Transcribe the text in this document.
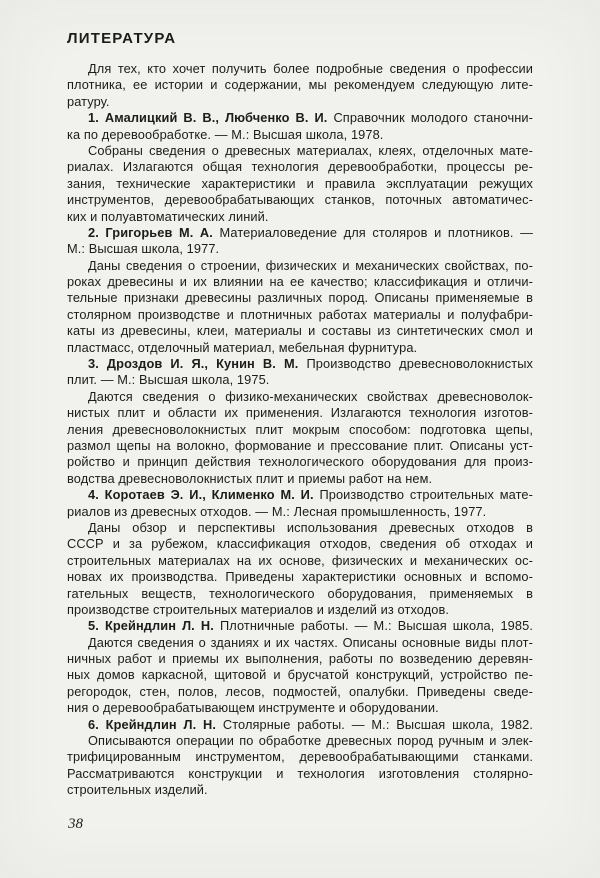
ЛИТЕРАТУРА
Для тех, кто хочет получить более подробные сведения о профессии
плотника, ее истории и содержании, мы рекомендуем следующую лите-
ратуру.
1. Амалицкий В. В., Любченко В. И. Справочник молодого станочни-
ка по деревообработке. — М.: Высшая школа, 1978.
Собраны сведения о древесных материалах, клеях, отделочных мате-
риалах. Излагаются общая технология деревообработки, процессы ре-
зания, технические характеристики и правила эксплуатации режущих
инструментов, деревообрабатывающих станков, поточных автоматичес-
ких и полуавтоматических линий.
2. Григорьев М. А. Материаловедение для столяров и плотников. —
М.: Высшая школа, 1977.
Даны сведения о строении, физических и механических свойствах, по-
роках древесины и их влиянии на ее качество; классификация и отличи-
тельные признаки древесины различных пород. Описаны применяемые в
столярном производстве и плотничных работах материалы и полуфабри-
каты из древесины, клеи, материалы и составы из синтетических смол и
пластмасс, отделочный материал, мебельная фурнитура.
3. Дроздов И. Я., Кунин В. М. Производство древесноволокнистых
плит. — М.: Высшая школа, 1975.
Даются сведения о физико-механических свойствах древесноволок-
нистых плит и области их применения. Излагаются технология изготов-
ления древесноволокнистых плит мокрым способом: подготовка щепы,
размол щепы на волокно, формование и прессование плит. Описаны уст-
ройство и принцип действия технологического оборудования для произ-
водства древесноволокнистых плит и приемы работ на нем.
4. Коротаев Э. И., Клименко М. И. Производство строительных мате-
риалов из древесных отходов. — М.: Лесная промышленность, 1977.
Даны обзор и перспективы использования древесных отходов в
СССР и за рубежом, классификация отходов, сведения об отходах и
строительных материалах на их основе, физических и механических ос-
новах их производства. Приведены характеристики основных и вспомо-
гательных веществ, технологического оборудования, применяемых в
производстве строительных материалов и изделий из отходов.
5. Крейндлин Л. Н. Плотничные работы. — М.: Высшая школа, 1985.
Даются сведения о зданиях и их частях. Описаны основные виды плот-
ничных работ и приемы их выполнения, работы по возведению деревян-
ных домов каркасной, щитовой и брусчатой конструкций, устройство пе-
регородок, стен, полов, лесов, подмостей, опалубки. Приведены сведе-
ния о деревообрабатывающем инструменте и оборудовании.
6. Крейндлин Л. Н. Столярные работы. — М.: Высшая школа, 1982.
Описываются операции по обработке древесных пород ручным и элек-
трифицированным инструментом, деревообрабатывающими станками.
Рассматриваются конструкции и технология изготовления столярно-
строительных изделий.
38
